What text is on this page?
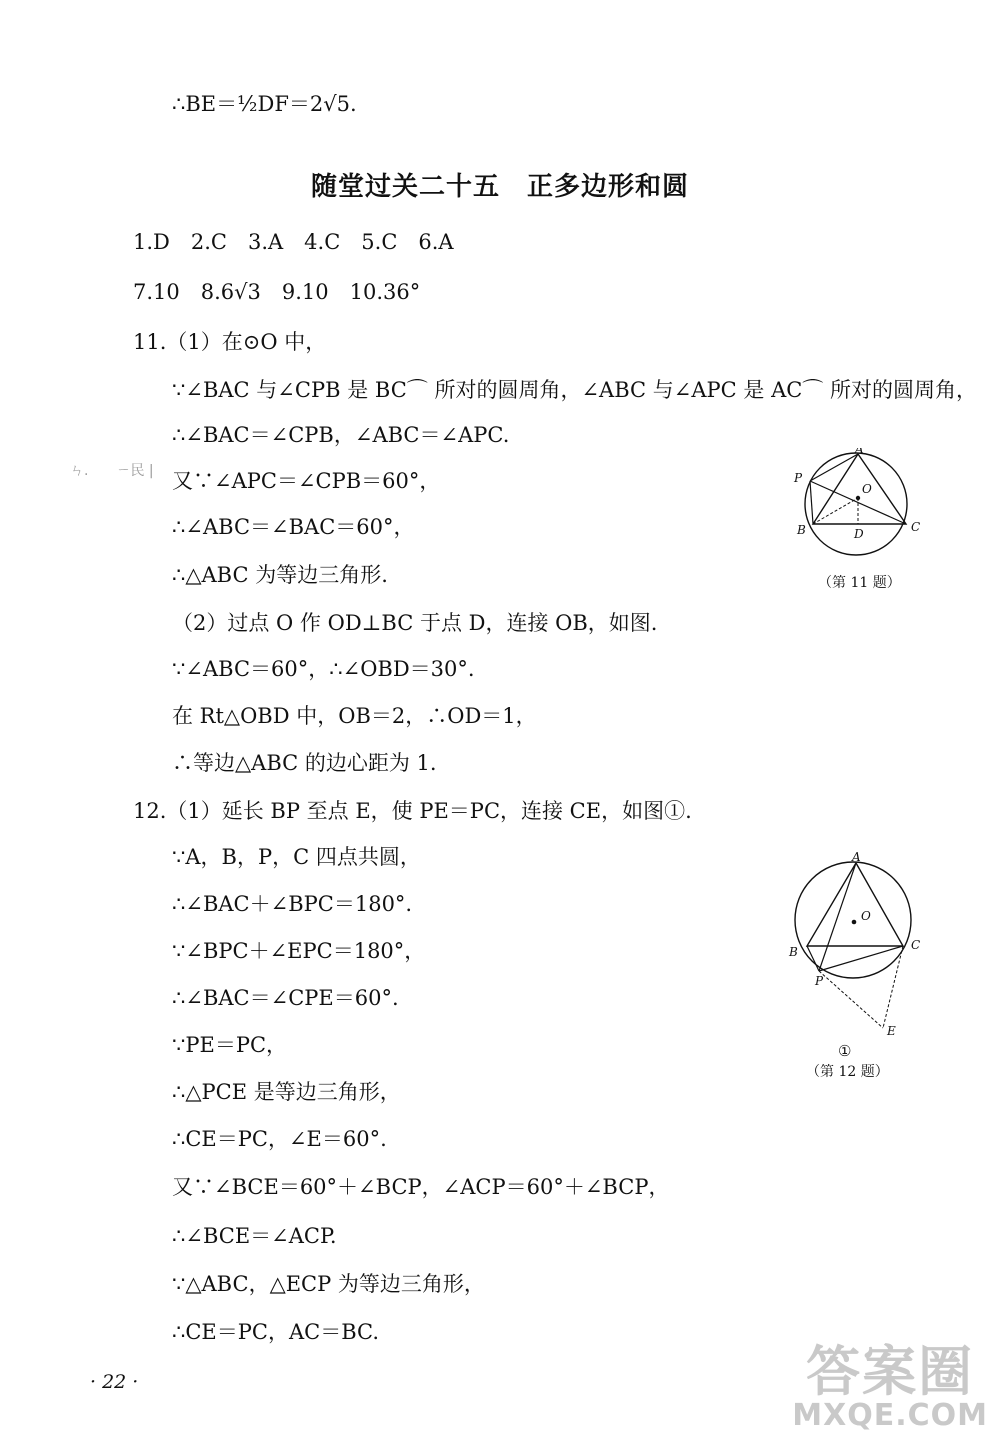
∴BE＝½DF＝2√5.
随堂过关二十五　正多边形和圆
1.D　2.C　3.A　4.C　5.C　6.A
7.10　8.6√3　9.10　10.36°
11.（1）在⊙O 中，
∵∠BAC 与∠CPB 是 BC⌒ 所对的圆周角，∠ABC 与∠APC 是 AC⌒ 所对的圆周角，
∴∠BAC＝∠CPB，∠ABC＝∠APC.
又∵∠APC＝∠CPB＝60°，
∴∠ABC＝∠BAC＝60°，
∴△ABC 为等边三角形.
（2）过点 O 作 OD⊥BC 于点 D，连接 OB，如图.
∵∠ABC＝60°，∴∠OBD＝30°.
在 Rt△OBD 中，OB＝2，∴OD＝1，
∴等边△ABC 的边心距为 1.
12.（1）延长 BP 至点 E，使 PE＝PC，连接 CE，如图①.
∵A，B，P，C 四点共圆，
∴∠BAC＋∠BPC＝180°.
∵∠BPC＋∠EPC＝180°，
∴∠BAC＝∠CPE＝60°.
∵PE＝PC，
∴△PCE 是等边三角形，
∴CE＝PC，∠E＝60°.
又∵∠BCE＝60°＋∠BCP，∠ACP＝60°＋∠BCP，
∴∠BCE＝∠ACP.
∵△ABC，△ECP 为等边三角形，
∴CE＝PC，AC＝BC.
ㄣ.　　ㄧ民 |
A
P
O
B	C
D
（第 11 题）
A
O
B	C
P
E
①
（第 12 题）
· 22 ·	答案圈
MXQE.COM
